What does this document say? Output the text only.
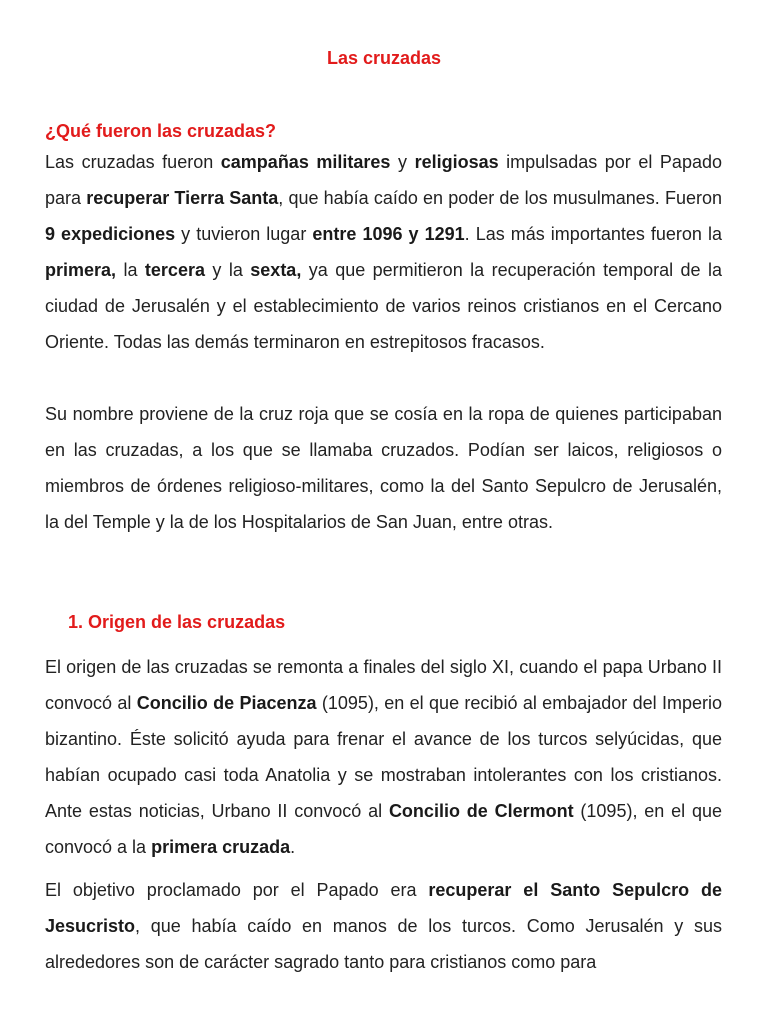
Las cruzadas
¿Qué fueron las cruzadas?

Las cruzadas fueron campañas militares y religiosas impulsadas por el Papado para recuperar Tierra Santa, que había caído en poder de los musulmanes. Fueron 9 expediciones y tuvieron lugar entre 1096 y 1291. Las más importantes fueron la primera, la tercera y la sexta, ya que permitieron la recuperación temporal de la ciudad de Jerusalén y el establecimiento de varios reinos cristianos en el Cercano Oriente. Todas las demás terminaron en estrepitosos fracasos.

Su nombre proviene de la cruz roja que se cosía en la ropa de quienes participaban en las cruzadas, a los que se llamaba cruzados. Podían ser laicos, religiosos o miembros de órdenes religioso-militares, como la del Santo Sepulcro de Jerusalén, la del Temple y la de los Hospitalarios de San Juan, entre otras.

1. Origen de las cruzadas

El origen de las cruzadas se remonta a finales del siglo XI, cuando el papa Urbano II convocó al Concilio de Piacenza (1095), en el que recibió al embajador del Imperio bizantino. Éste solicitó ayuda para frenar el avance de los turcos selyúcidas, que habían ocupado casi toda Anatolia y se mostraban intolerantes con los cristianos. Ante estas noticias, Urbano II convocó al Concilio de Clermont (1095), en el que convocó a la primera cruzada.

El objetivo proclamado por el Papado era recuperar el Santo Sepulcro de Jesucristo, que había caído en manos de los turcos. Como Jerusalén y sus alrededores son de carácter sagrado tanto para cristianos como para
